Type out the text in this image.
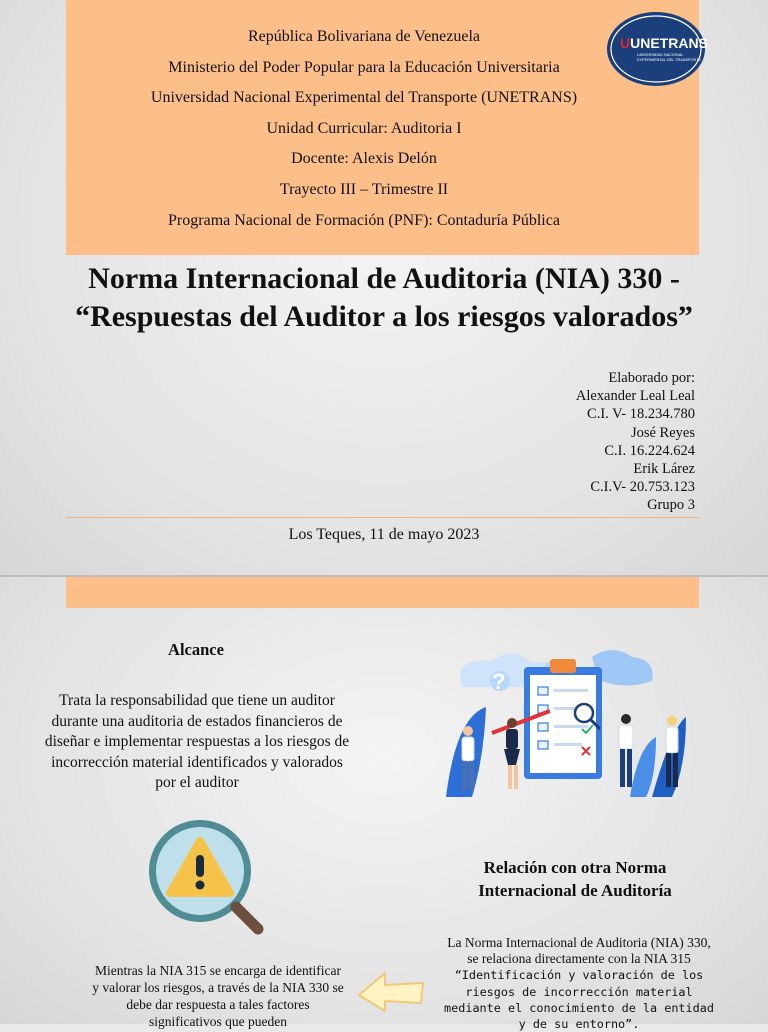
República Bolivariana de Venezuela
Ministerio del Poder Popular para la Educación Universitaria
Universidad Nacional Experimental del Transporte (UNETRANS)
Unidad Curricular: Auditoria I
Docente: Alexis Delón
Trayecto III – Trimestre II
Programa Nacional de Formación (PNF): Contaduría Pública
UUNETRANS
UNIVERSIDAD NACIONAL
EXPERIMENTAL DEL TRANSPORTE
Norma Internacional de Auditoria (NIA) 330 -
“Respuestas del Auditor a los riesgos valorados”
Elaborado por:
Alexander Leal Leal
C.I. V- 18.234.780
José Reyes
C.I. 16.224.624
Erik Lárez
C.I.V- 20.753.123
Grupo 3
Los Teques, 11 de mayo 2023
Alcance
Trata la responsabilidad que tiene un auditor durante una auditoria de estados financieros de diseñar e implementar respuestas a los riesgos de incorrección material identificados y valorados por el auditor
?
Relación con otra Norma Internacional de Auditoría
La Norma Internacional de Auditoria (NIA) 330, se relaciona directamente con la NIA 315 “Identificación y valoración de los riesgos de incorrección material mediante el conocimiento de la entidad y de su entorno”.
Mientras la NIA 315 se encarga de identificar y valorar los riesgos, a través de la NIA 330 se debe dar respuesta a tales factores significativos que pueden
